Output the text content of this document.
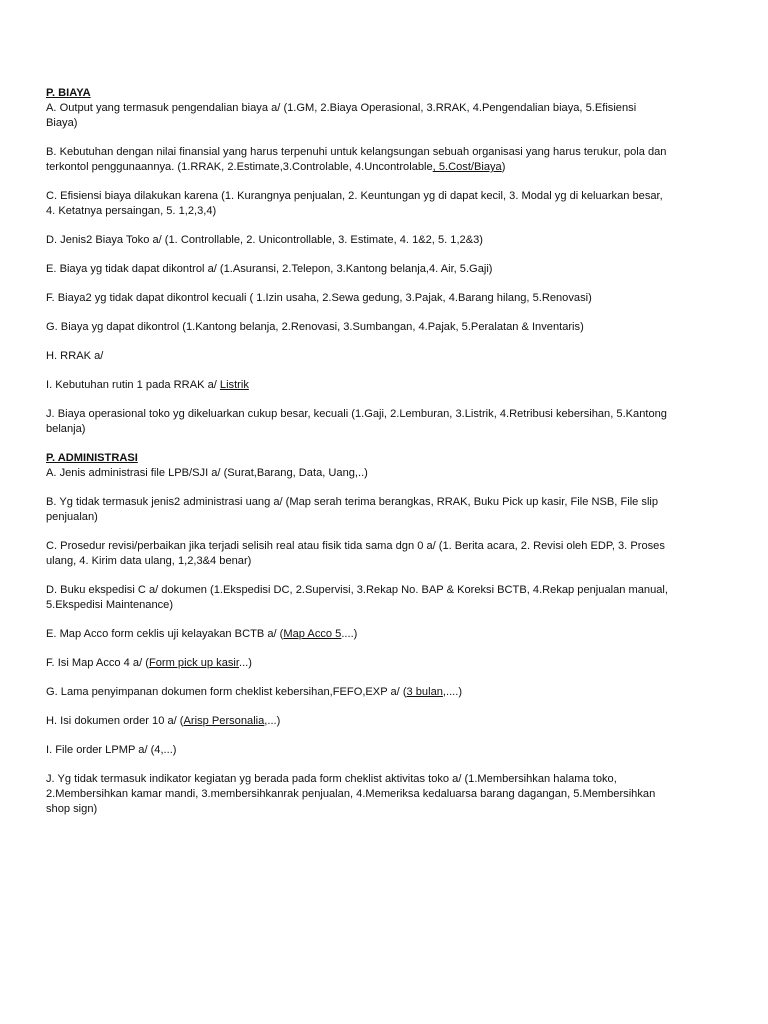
P. BIAYA
A. Output yang termasuk pengendalian biaya a/ (1.GM, 2.Biaya Operasional, 3.RRAK, 4.Pengendalian biaya, 5.Efisiensi Biaya)
B. Kebutuhan dengan nilai finansial yang harus terpenuhi untuk kelangsungan sebuah organisasi yang harus terukur, pola dan terkontol penggunaannya. (1.RRAK, 2.Estimate,3.Controlable, 4.Uncontrolable, 5.Cost/Biaya)
C. Efisiensi biaya dilakukan karena (1. Kurangnya penjualan, 2. Keuntungan yg di dapat kecil, 3. Modal yg di keluarkan besar, 4. Ketatnya persaingan, 5. 1,2,3,4)
D. Jenis2 Biaya Toko a/ (1. Controllable, 2. Unicontrollable, 3. Estimate, 4. 1&2, 5. 1,2&3)
E. Biaya yg tidak dapat dikontrol a/ (1.Asuransi, 2.Telepon, 3.Kantong belanja,4. Air, 5.Gaji)
F. Biaya2 yg tidak dapat dikontrol kecuali ( 1.Izin usaha, 2.Sewa gedung, 3.Pajak, 4.Barang hilang, 5.Renovasi)
G. Biaya yg dapat dikontrol (1.Kantong belanja, 2.Renovasi, 3.Sumbangan, 4.Pajak, 5.Peralatan & Inventaris)
H. RRAK a/
I. Kebutuhan rutin 1 pada RRAK a/ Listrik
J. Biaya operasional toko yg dikeluarkan cukup besar, kecuali (1.Gaji, 2.Lemburan, 3.Listrik, 4.Retribusi kebersihan, 5.Kantong belanja)
P. ADMINISTRASI
A. Jenis administrasi file LPB/SJI a/ (Surat,Barang, Data, Uang,..)
B. Yg tidak termasuk jenis2 administrasi uang a/ (Map serah terima berangkas, RRAK, Buku Pick up kasir, File NSB, File slip penjualan)
C. Prosedur revisi/perbaikan jika terjadi selisih real atau fisik tida sama dgn 0 a/ (1. Berita acara, 2. Revisi oleh EDP, 3. Proses ulang, 4. Kirim data ulang, 1,2,3&4 benar)
D. Buku ekspedisi C a/ dokumen (1.Ekspedisi DC, 2.Supervisi, 3.Rekap No. BAP & Koreksi BCTB, 4.Rekap penjualan manual, 5.Ekspedisi Maintenance)
E. Map Acco form ceklis uji kelayakan BCTB a/ (Map Acco 5....)
F. Isi Map Acco 4 a/ (Form pick up kasir...)
G. Lama penyimpanan dokumen form cheklist kebersihan,FEFO,EXP a/ (3 bulan,....)
H. Isi dokumen order 10 a/ (Arisp Personalia,...)
I. File order LPMP a/ (4,...)
J. Yg tidak termasuk indikator kegiatan yg berada pada form cheklist aktivitas toko a/ (1.Membersihkan halama toko, 2.Membersihkan kamar mandi, 3.membersihkanrak penjualan, 4.Memeriksa kedaluarsa barang dagangan, 5.Membersihkan shop sign)
